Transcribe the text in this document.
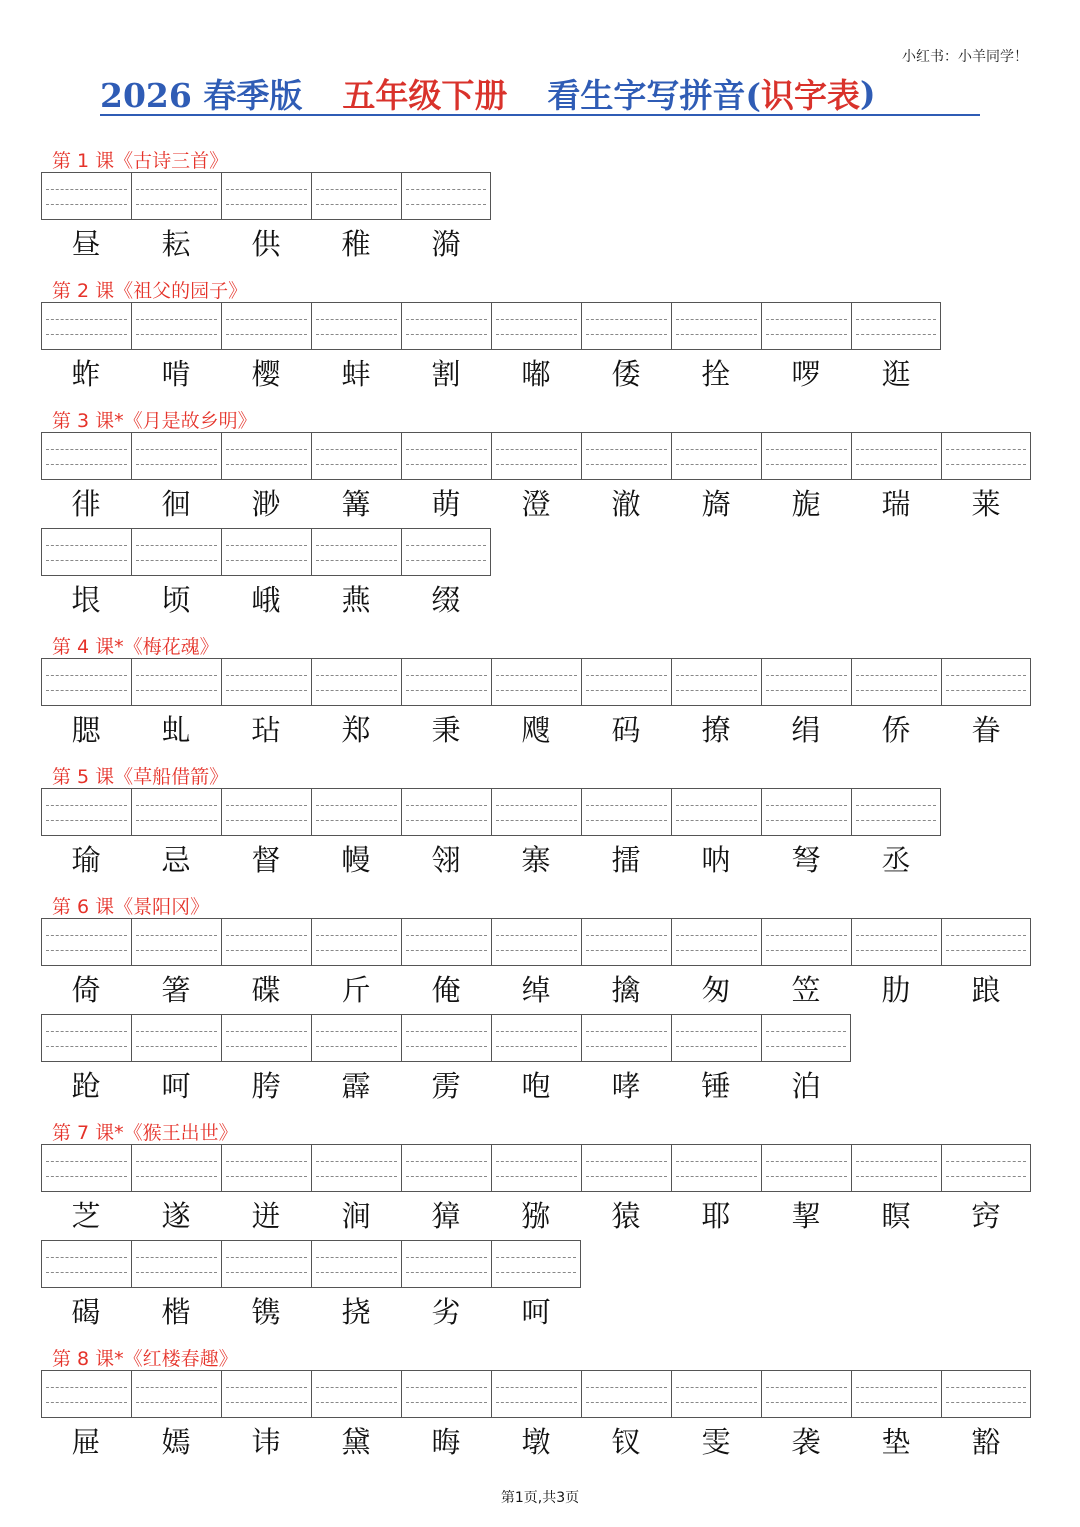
小红书：小羊同学！
2026 春季版 五年级下册 看生字写拼音( 识字表 )
第 1 课《古诗三首》
昼	耘	供	稚	漪
第 2 课《祖父的园子》
蚱	啃	樱	蚌	割	嘟	倭	拴	啰	逛
第 3 课*《月是故乡明》
徘	徊	渺	篝	萌	澄	澈	旖	旎	瑞	莱
垠	顷	峨	燕	缀
第 4 课*《梅花魂》
腮	虬	玷	郑	秉	飕	码	撩	绢	侨	眷
第 5 课《草船借箭》
瑜	忌	督	幔	翎	寨	擂	呐	弩	丞
第 6 课《景阳冈》
倚	箸	碟	斤	俺	绰	擒	匆	笠	肋	踉
跄	呵	胯	霹	雳	咆	哮	锤	泊
第 7 课*《猴王出世》
芝	遂	迸	涧	獐	猕	猿	耶	挈	瞑	窍
碣	楷	镌	挠	劣	呵
第 8 课*《红楼春趣》
屉	嫣	讳	黛	晦	墩	钗	雯	袭	垫	豁
第1页,共3页
